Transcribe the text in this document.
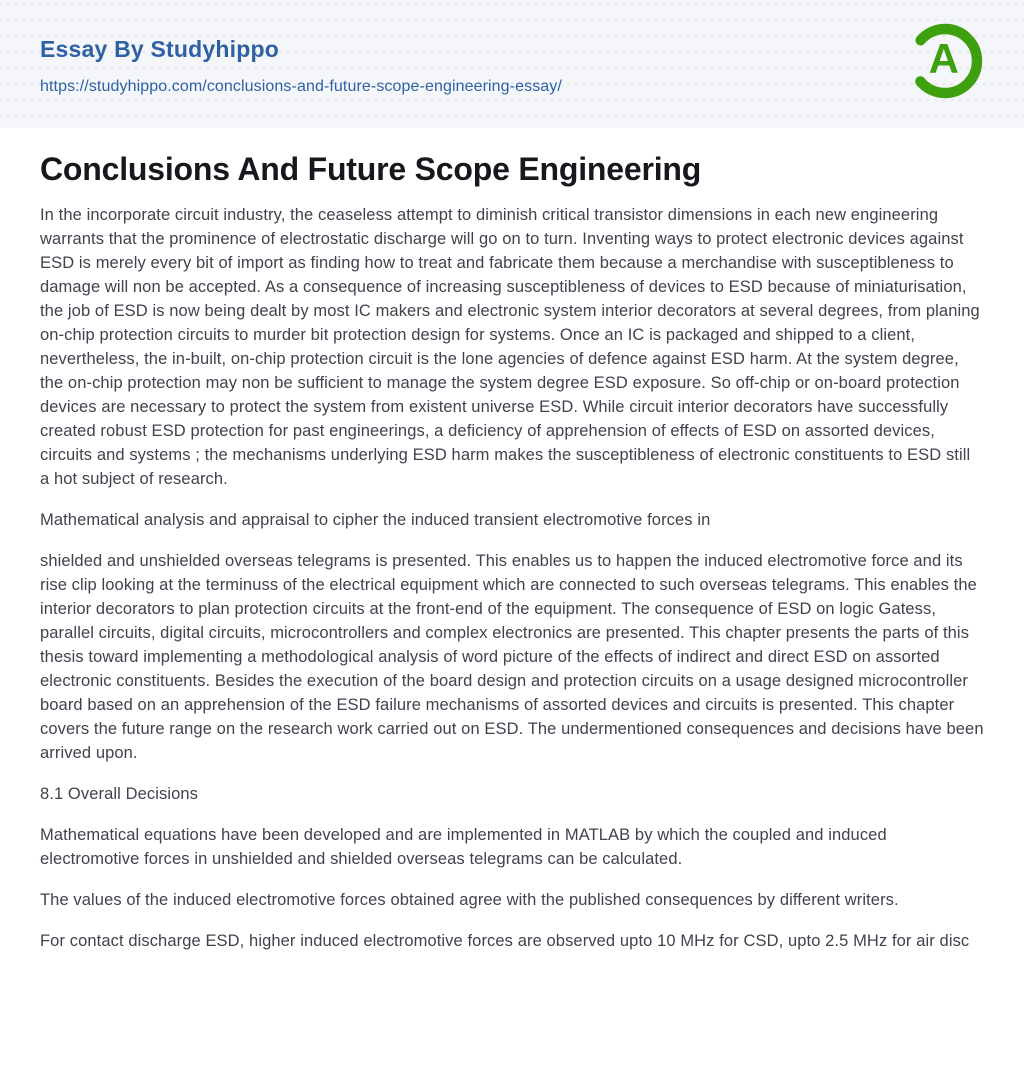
Essay By Studyhippo
https://studyhippo.com/conclusions-and-future-scope-engineering-essay/
A
Conclusions And Future Scope Engineering

In the incorporate circuit industry, the ceaseless attempt to diminish critical transistor dimensions in each new engineering warrants that the prominence of electrostatic discharge will go on to turn. Inventing ways to protect electronic devices against ESD is merely every bit of import as finding how to treat and fabricate them because a merchandise with susceptibleness to damage will non be accepted. As a consequence of increasing susceptibleness of devices to ESD because of miniaturisation, the job of ESD is now being dealt by most IC makers and electronic system interior decorators at several degrees, from planing on-chip protection circuits to murder bit protection design for systems. Once an IC is packaged and shipped to a client, nevertheless, the in-built, on-chip protection circuit is the lone agencies of defence against ESD harm. At the system degree, the on-chip protection may non be sufficient to manage the system degree ESD exposure. So off-chip or on-board protection devices are necessary to protect the system from existent universe ESD. While circuit interior decorators have successfully created robust ESD protection for past engineerings, a deficiency of apprehension of effects of ESD on assorted devices, circuits and systems ; the mechanisms underlying ESD harm makes the susceptibleness of electronic constituents to ESD still a hot subject of research.

Mathematical analysis and appraisal to cipher the induced transient electromotive forces in

shielded and unshielded overseas telegrams is presented. This enables us to happen the induced electromotive force and its rise clip looking at the terminuss of the electrical equipment which are connected to such overseas telegrams. This enables the interior decorators to plan protection circuits at the front-end of the equipment. The consequence of ESD on logic Gatess, parallel circuits, digital circuits, microcontrollers and complex electronics are presented. This chapter presents the parts of this thesis toward implementing a methodological analysis of word picture of the effects of indirect and direct ESD on assorted electronic constituents. Besides the execution of the board design and protection circuits on a usage designed microcontroller board based on an apprehension of the ESD failure mechanisms of assorted devices and circuits is presented. This chapter covers the future range on the research work carried out on ESD. The undermentioned consequences and decisions have been arrived upon.

8.1 Overall Decisions

Mathematical equations have been developed and are implemented in MATLAB by which the coupled and induced electromotive forces in unshielded and shielded overseas telegrams can be calculated.

The values of the induced electromotive forces obtained agree with the published consequences by different writers.

For contact discharge ESD, higher induced electromotive forces are observed upto 10 MHz for CSD, upto 2.5 MHz for air disc
